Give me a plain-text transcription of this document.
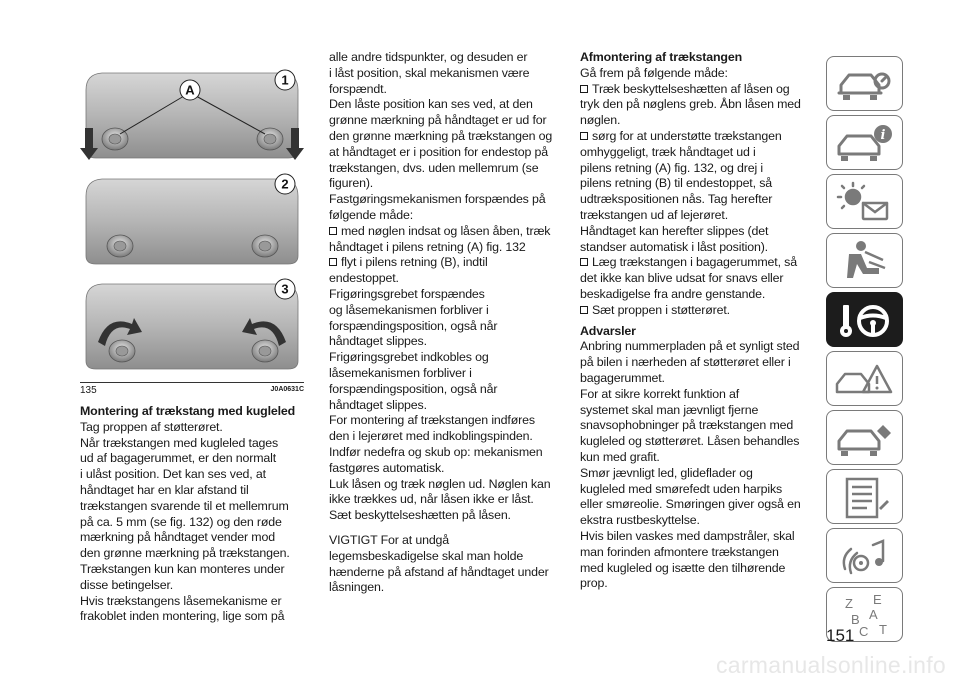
A
1
2
3
135	J0A0631C

Montering af trækstang med kugleled

Tag proppen af støtterøret.

Når trækstangen med kugleled tages

ud af bagagerummet, er den normalt

i ulåst position. Det kan ses ved, at

håndtaget har en klar afstand til

trækstangen svarende til et mellemrum

på ca. 5 mm (se fig. 132) og den røde

mærkning på håndtaget vender mod

den grønne mærkning på trækstangen.

Trækstangen kun kan monteres under

disse betingelser.

Hvis trækstangens låsemekanisme er

frakoblet inden montering, lige som på

alle andre tidspunkter, og desuden er

i låst position, skal mekanismen være

forspændt.

Den låste position kan ses ved, at den

grønne mærkning på håndtaget er ud for

den grønne mærkning på trækstangen og

at håndtaget er i position for endestop på

trækstangen, dvs. uden mellemrum (se

figuren).

Fastgøringsmekanismen forspændes på

følgende måde:

med nøglen indsat og låsen åben, træk

håndtaget i pilens retning (A) fig. 132

flyt i pilens retning (B), indtil

endestoppet.

Frigøringsgrebet forspændes

og låsemekanismen forbliver i

forspændingsposition, også når

håndtaget slippes.

Frigøringsgrebet indkobles og

låsemekanismen forbliver i

forspændingsposition, også når

håndtaget slippes.

For montering af trækstangen indføres

den i lejerøret med indkoblingspinden.

Indfør nedefra og skub op: mekanismen

fastgøres automatisk.

Luk låsen og træk nøglen ud. Nøglen kan

ikke trækkes ud, når låsen ikke er låst.

Sæt beskyttelseshætten på låsen.

VIGTIGT For at undgå

legemsbeskadigelse skal man holde

hænderne på afstand af håndtaget under

låsningen.

Afmontering af trækstangen

Gå frem på følgende måde:

Træk beskyttelseshætten af låsen og

tryk den på nøglens greb. Åbn låsen med

nøglen.

sørg for at understøtte trækstangen

omhyggeligt, træk håndtaget ud i

pilens retning (A) fig. 132, og drej i

pilens retning (B) til endestoppet, så

udtrækspositionen nås. Tag herefter

trækstangen ud af lejerøret.

Håndtaget kan herefter slippes (det

standser automatisk i låst position).

Læg trækstangen i bagagerummet, så

det ikke kan blive udsat for snavs eller

beskadigelse fra andre genstande.

Sæt proppen i støtterøret.

Advarsler

Anbring nummerpladen på et synligt sted

på bilen i nærheden af støtterøret eller i

bagagerummet.

For at sikre korrekt funktion af

systemet skal man jævnligt fjerne

snavsophobninger på trækstangen med

kugleled og støtterøret. Låsen behandles

kun med grafit.

Smør jævnligt led, glideflader og

kugleled med smørefedt uden harpiks

eller smøreolie. Smøringen giver også en

ekstra rustbeskyttelse.

Hvis bilen vaskes med dampstråler, skal

man forinden afmontere trækstangen

med kugleled og isætte den tilhørende

prop.

i
Z E
A
B
C T
151
carmanualsonline.info
